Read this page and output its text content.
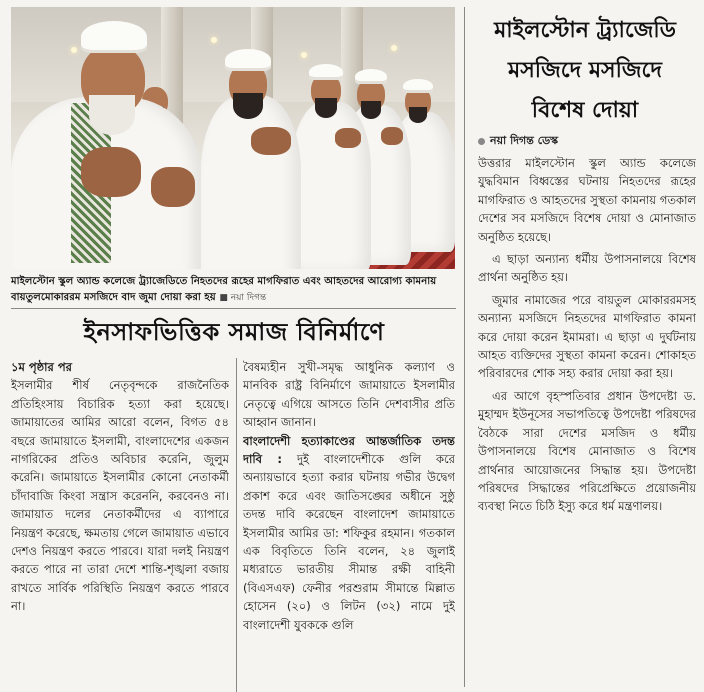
মাইলস্টোন স্কুল অ্যান্ড কলেজে ট্র্যাজেডিতে নিহতদের রূহের মাগফিরাত এবং আহতদের আরোগ্য কামনায় বায়তুলমোকাররম মসজিদে বাদ জুমা দোয়া করা হয় ■ নয়া দিগন্ত
ইনসাফভিত্তিক সমাজ বিনির্মাণে

১ম পৃষ্ঠার পর

ইসলামীর শীর্ষ নেতৃবৃন্দকে রাজনৈতিক প্রতিহিংসায় বিচারিক হত্যা করা হয়েছে। জামায়াতের আমির আরো বলেন, বিগত ৫৪ বছরে জামায়াতে ইসলামী, বাংলাদেশের একজন নাগরিকের প্রতিও অবিচার করেনি, জুলুম করেনি। জামায়াতে ইসলামীর কোনো নেতাকর্মী চাঁদাবাজি কিংবা সন্ত্রাস করেননি, করবেনও না। জামায়াত দলের নেতাকর্মীদের এ ব্যাপারে নিয়ন্ত্রণ করেছে, ক্ষমতায় গেলে জামায়াত এভাবে দেশও নিয়ন্ত্রণ করতে পারবে। যারা দলই নিয়ন্ত্রণ করতে পারে না তারা দেশে শান্তি-শৃঙ্খলা বজায় রাখতে সার্বিক পরিস্থিতি নিয়ন্ত্রণ করতে পারবে না।

বৈষম্যহীন সুখী-সমৃদ্ধ আধুনিক কল্যাণ ও মানবিক রাষ্ট্র বিনির্মাণে জামায়াতে ইসলামীর নেতৃত্বে এগিয়ে আসতে তিনি দেশবাসীর প্রতি আহ্বান জানান।

বাংলাদেশী হত্যাকাণ্ডের আন্তর্জাতিক তদন্ত দাবি : দুই বাংলাদেশীকে গুলি করে অন্যায়ভাবে হত্যা করার ঘটনায় গভীর উদ্বেগ প্রকাশ করে এবং জাতিসঙ্ঘের অধীনে সুষ্ঠু তদন্ত দাবি করেছেন বাংলাদেশ জামায়াতে ইসলামীর আমির ডা: শফিকুর রহমান। গতকাল এক বিবৃতিতে তিনি বলেন, ২৪ জুলাই মধ্যরাতে ভারতীয় সীমান্ত রক্ষী বাহিনী (বিএসএফ) ফেনীর পরশুরাম সীমান্তে মিল্লাত হোসেন (২০) ও লিটন (৩২) নামে দুই বাংলাদেশী যুবককে গুলি

মাইলস্টোন ট্র্যাজেডি
মসজিদে মসজিদে
বিশেষ দোয়া
নয়া দিগন্ত ডেস্ক

উত্তরার মাইলস্টোন স্কুল অ্যান্ড কলেজে যুদ্ধবিমান বিধ্বস্তের ঘটনায় নিহতদের রূহের মাগফিরাত ও আহতদের সুস্থতা কামনায় গতকাল দেশের সব মসজিদে বিশেষ দোয়া ও মোনাজাত অনুষ্ঠিত হয়েছে।

এ ছাড়া অন্যান্য ধর্মীয় উপাসনালয়ে বিশেষ প্রার্থনা অনুষ্ঠিত হয়।

জুমার নামাজের পরে বায়তুল মোকাররমসহ অন্যান্য মসজিদে নিহতদের মাগফিরাত কামনা করে দোয়া করেন ইমামরা। এ ছাড়া এ দুর্ঘটনায় আহত ব্যক্তিদের সুস্থতা কামনা করেন। শোকাহত পরিবারদের শোক সহ্য করার দোয়া করা হয়।

এর আগে বৃহস্পতিবার প্রধান উপদেষ্টা ড. মুহাম্মদ ইউনূসের সভাপতিত্বে উপদেষ্টা পরিষদের বৈঠকে সারা দেশের মসজিদ ও ধর্মীয় উপাসনালয়ে বিশেষ মোনাজাত ও বিশেষ প্রার্থনার আয়োজনের সিদ্ধান্ত হয়। উপদেষ্টা পরিষদের সিদ্ধান্তের পরিপ্রেক্ষিতে প্রয়োজনীয় ব্যবস্থা নিতে চিঠি ইস্যু করে ধর্ম মন্ত্রণালয়।
